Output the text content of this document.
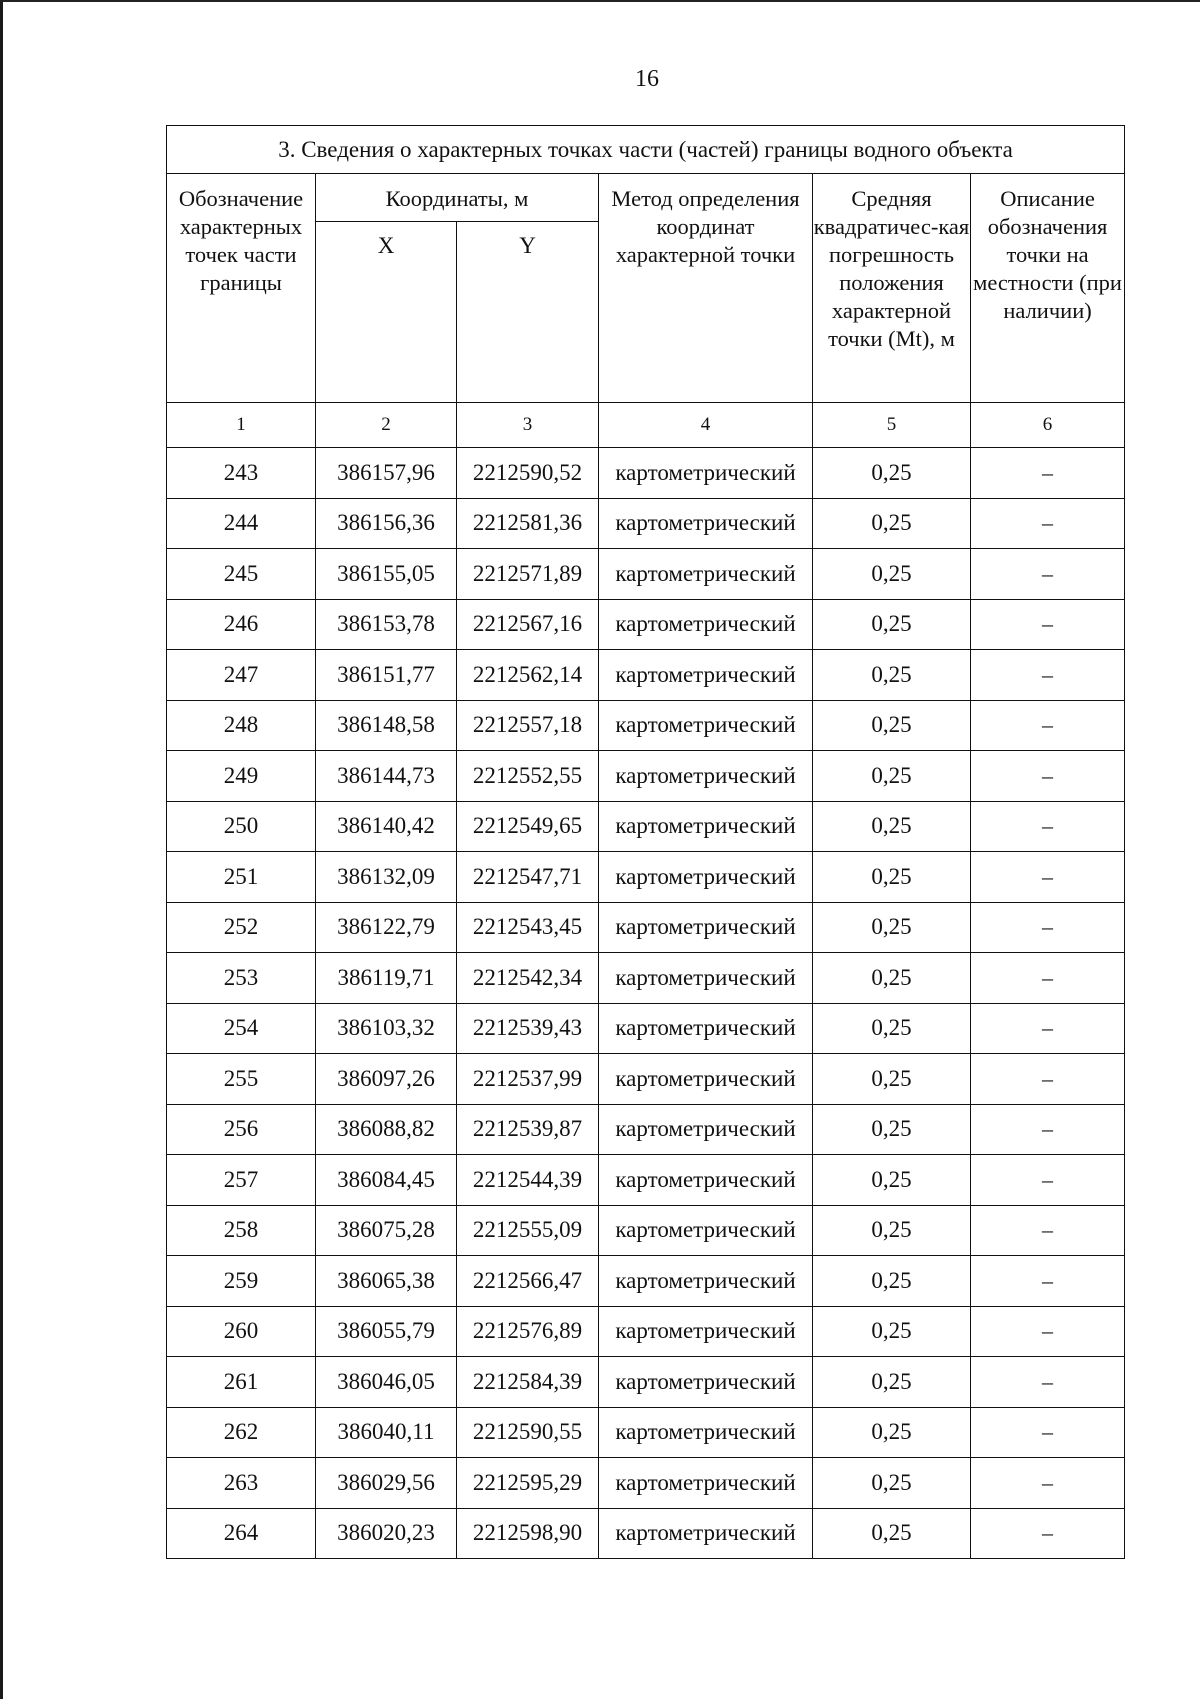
16
3. Сведения о характерных точках части (частей) границы водного объекта					
Обозначение характерных точек части границы	Координаты, м		Метод определения координат характерной точки	Средняя квадратичес-кая погрешность положения характерной точки (Mt), м	Описание обозначения точки на местности (при наличии)
	X	Y			
1	2	3	4	5	6
243	386157,96	2212590,52	картометрический	0,25	–
244	386156,36	2212581,36	картометрический	0,25	–
245	386155,05	2212571,89	картометрический	0,25	–
246	386153,78	2212567,16	картометрический	0,25	–
247	386151,77	2212562,14	картометрический	0,25	–
248	386148,58	2212557,18	картометрический	0,25	–
249	386144,73	2212552,55	картометрический	0,25	–
250	386140,42	2212549,65	картометрический	0,25	–
251	386132,09	2212547,71	картометрический	0,25	–
252	386122,79	2212543,45	картометрический	0,25	–
253	386119,71	2212542,34	картометрический	0,25	–
254	386103,32	2212539,43	картометрический	0,25	–
255	386097,26	2212537,99	картометрический	0,25	–
256	386088,82	2212539,87	картометрический	0,25	–
257	386084,45	2212544,39	картометрический	0,25	–
258	386075,28	2212555,09	картометрический	0,25	–
259	386065,38	2212566,47	картометрический	0,25	–
260	386055,79	2212576,89	картометрический	0,25	–
261	386046,05	2212584,39	картометрический	0,25	–
262	386040,11	2212590,55	картометрический	0,25	–
263	386029,56	2212595,29	картометрический	0,25	–
264	386020,23	2212598,90	картометрический	0,25	–
